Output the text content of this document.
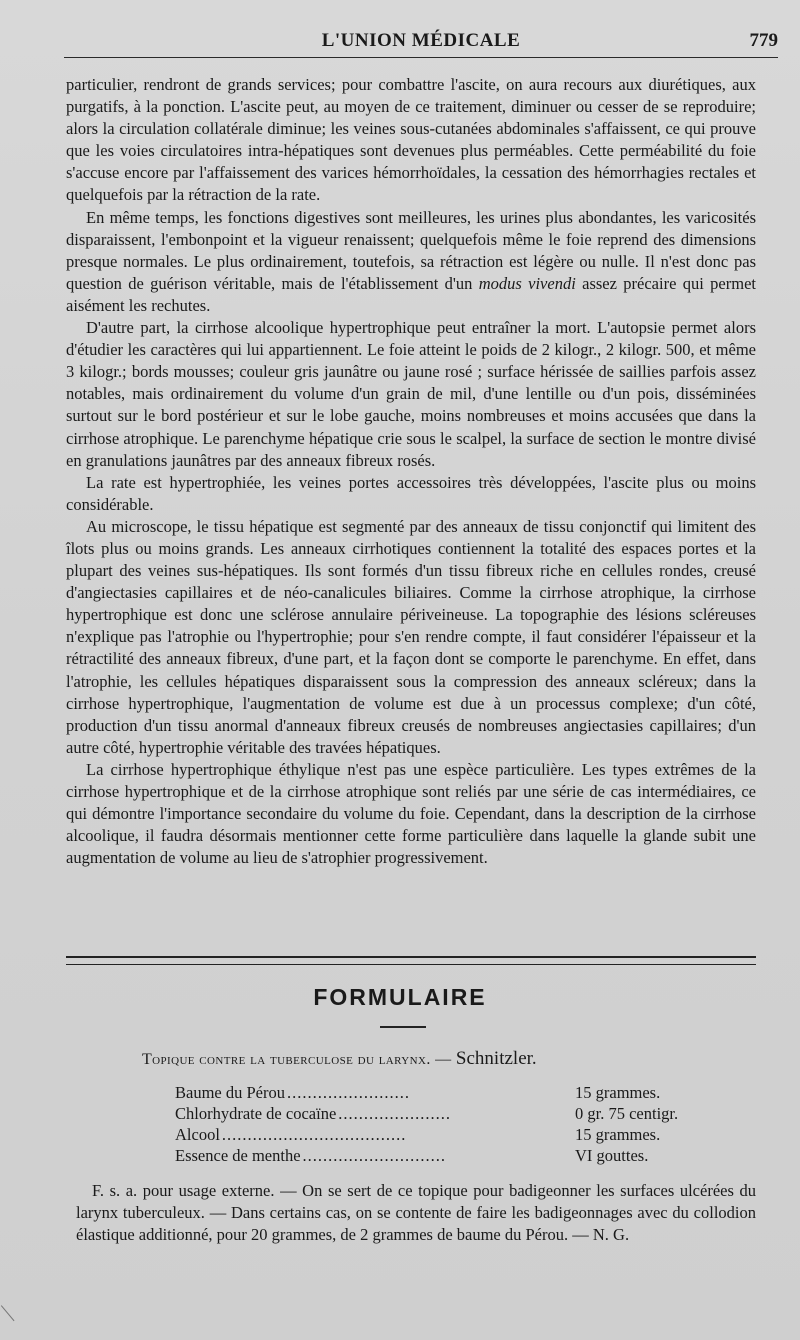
L'UNION MÉDICALE	779

particulier, rendront de grands services; pour combattre l'ascite, on aura recours aux diurétiques, aux purgatifs, à la ponction. L'ascite peut, au moyen de ce traitement, diminuer ou cesser de se reproduire; alors la circulation collatérale diminue; les veines sous-cutanées abdominales s'affaissent, ce qui prouve que les voies circulatoires intra-hépatiques sont devenues plus perméables. Cette perméabilité du foie s'accuse encore par l'affaissement des varices hémorrhoïdales, la cessation des hémorrhagies rectales et quelquefois par la rétraction de la rate.

En même temps, les fonctions digestives sont meilleures, les urines plus abondantes, les varicosités disparaissent, l'embonpoint et la vigueur renaissent; quelquefois même le foie reprend des dimensions presque normales. Le plus ordinairement, toutefois, sa rétraction est légère ou nulle. Il n'est donc pas question de guérison véritable, mais de l'établissement d'un modus vivendi assez précaire qui permet aisément les rechutes.

D'autre part, la cirrhose alcoolique hypertrophique peut entraîner la mort. L'autopsie permet alors d'étudier les caractères qui lui appartiennent. Le foie atteint le poids de 2 kilogr., 2 kilogr. 500, et même 3 kilogr.; bords mousses; couleur gris jaunâtre ou jaune rosé ; surface hérissée de saillies parfois assez notables, mais ordinairement du volume d'un grain de mil, d'une lentille ou d'un pois, disséminées surtout sur le bord postérieur et sur le lobe gauche, moins nombreuses et moins accusées que dans la cirrhose atrophique. Le parenchyme hépatique crie sous le scalpel, la surface de section le montre divisé en granulations jaunâtres par des anneaux fibreux rosés.

La rate est hypertrophiée, les veines portes accessoires très développées, l'ascite plus ou moins considérable.

Au microscope, le tissu hépatique est segmenté par des anneaux de tissu conjonctif qui limitent des îlots plus ou moins grands. Les anneaux cirrhotiques contiennent la totalité des espaces portes et la plupart des veines sus-hépatiques. Ils sont formés d'un tissu fibreux riche en cellules rondes, creusé d'angiectasies capillaires et de néo-canalicules biliaires. Comme la cirrhose atrophique, la cirrhose hypertrophique est donc une sclérose annulaire périveineuse. La topographie des lésions scléreuses n'explique pas l'atrophie ou l'hypertrophie; pour s'en rendre compte, il faut considérer l'épaisseur et la rétractilité des anneaux fibreux, d'une part, et la façon dont se comporte le parenchyme. En effet, dans l'atrophie, les cellules hépatiques disparaissent sous la compression des anneaux scléreux; dans la cirrhose hypertrophique, l'augmentation de volume est due à un processus complexe; d'un côté, production d'un tissu anormal d'anneaux fibreux creusés de nombreuses angiectasies capillaires; d'un autre côté, hypertrophie véritable des travées hépatiques.

La cirrhose hypertrophique éthylique n'est pas une espèce particulière. Les types extrêmes de la cirrhose hypertrophique et de la cirrhose atrophique sont reliés par une série de cas intermédiaires, ce qui démontre l'importance secondaire du volume du foie. Cependant, dans la description de la cirrhose alcoolique, il faudra désormais mentionner cette forme particulière dans laquelle la glande subit une augmentation de volume au lieu de s'atrophier progressivement.

FORMULAIRE
Topique contre la tuberculose du larynx. — Schnitzler.
Baume du Pérou ........................	15 grammes.
Chlorhydrate de cocaïne ......................	0 gr. 75 centigr.
Alcool ....................................	15 grammes.
Essence de menthe ............................	VI gouttes.

F. s. a. pour usage externe. — On se sert de ce topique pour badigeonner les surfaces ulcérées du larynx tuberculeux. — Dans certains cas, on se contente de faire les badigeonnages avec du collodion élastique additionné, pour 20 grammes, de 2 grammes de baume du Pérou. — N. G.
